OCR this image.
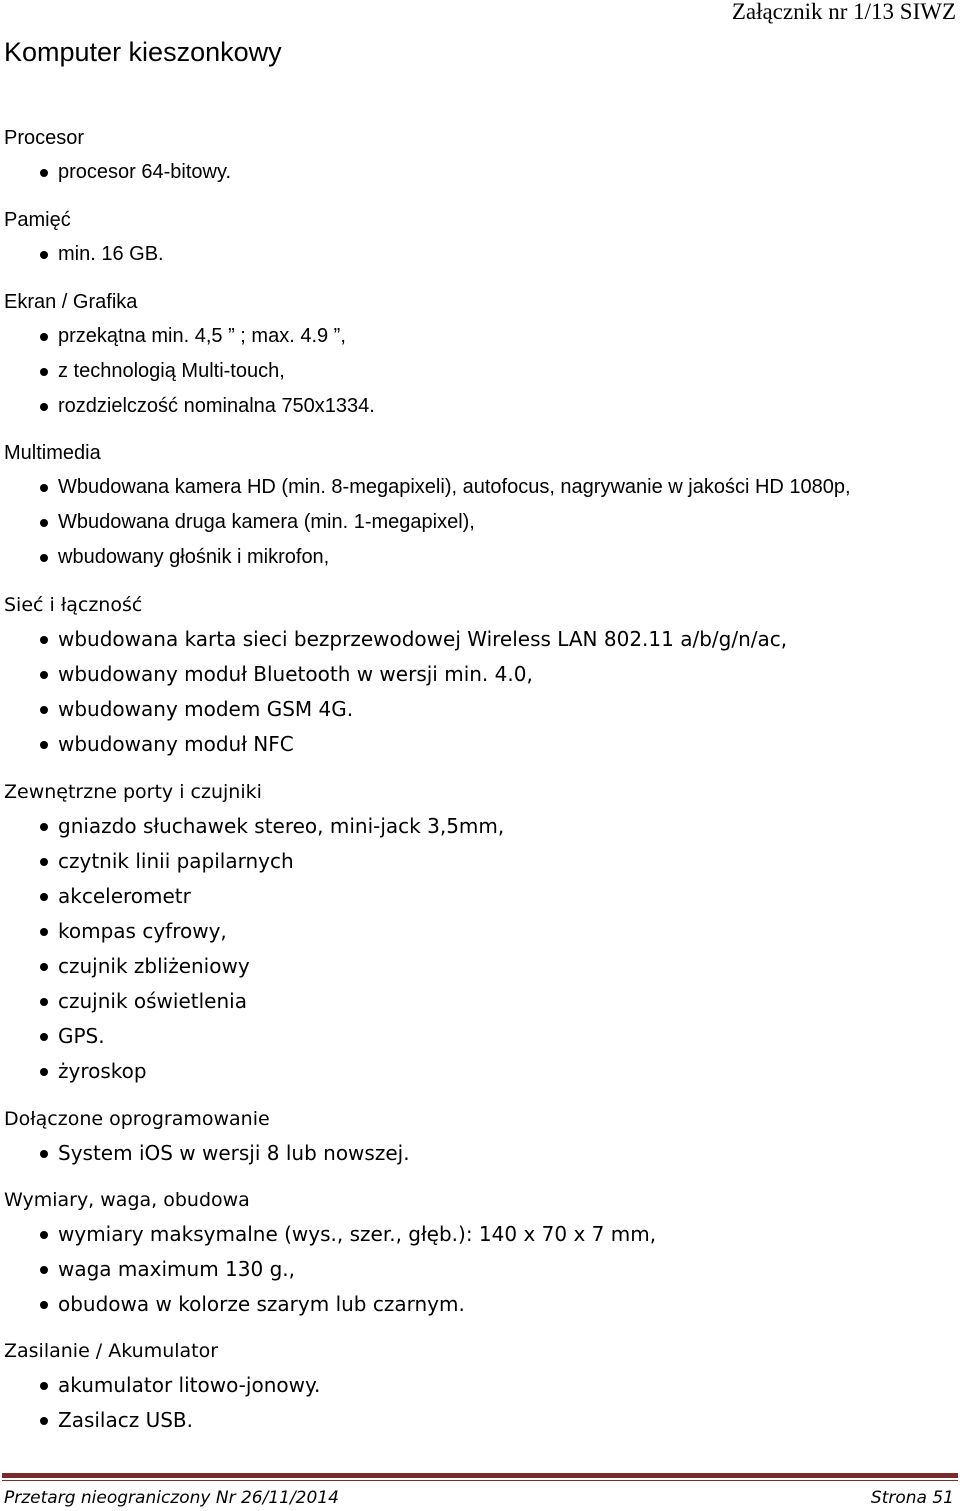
Załącznik nr 1/13 SIWZ
Komputer kieszonkowy
Procesor
procesor 64-bitowy.
Pamięć
min. 16 GB.
Ekran / Grafika
przekątna min. 4,5 ” ; max. 4.9 ”,
z technologią Multi-touch,
rozdzielczość nominalna 750x1334.
Multimedia
Wbudowana kamera HD (min. 8-megapixeli), autofocus, nagrywanie w jakości HD 1080p,
Wbudowana druga kamera (min. 1-megapixel),
wbudowany głośnik i mikrofon,
Sieć i łączność
wbudowana karta sieci bezprzewodowej Wireless LAN 802.11 a/b/g/n/ac,
wbudowany moduł Bluetooth w wersji min. 4.0,
wbudowany modem GSM 4G.
wbudowany moduł NFC
Zewnętrzne porty i czujniki
gniazdo słuchawek stereo, mini-jack 3,5mm,
czytnik linii papilarnych
akcelerometr
kompas cyfrowy,
czujnik zbliżeniowy
czujnik oświetlenia
GPS.
żyroskop
Dołączone oprogramowanie
System iOS w wersji 8 lub nowszej.
Wymiary, waga, obudowa
wymiary maksymalne (wys., szer., głęb.): 140 x 70 x 7 mm,
waga maximum 130 g.,
obudowa w kolorze szarym lub czarnym.
Zasilanie / Akumulator
akumulator litowo-jonowy.
Zasilacz USB.
Przetarg nieograniczony Nr 26/11/2014	Strona 51
